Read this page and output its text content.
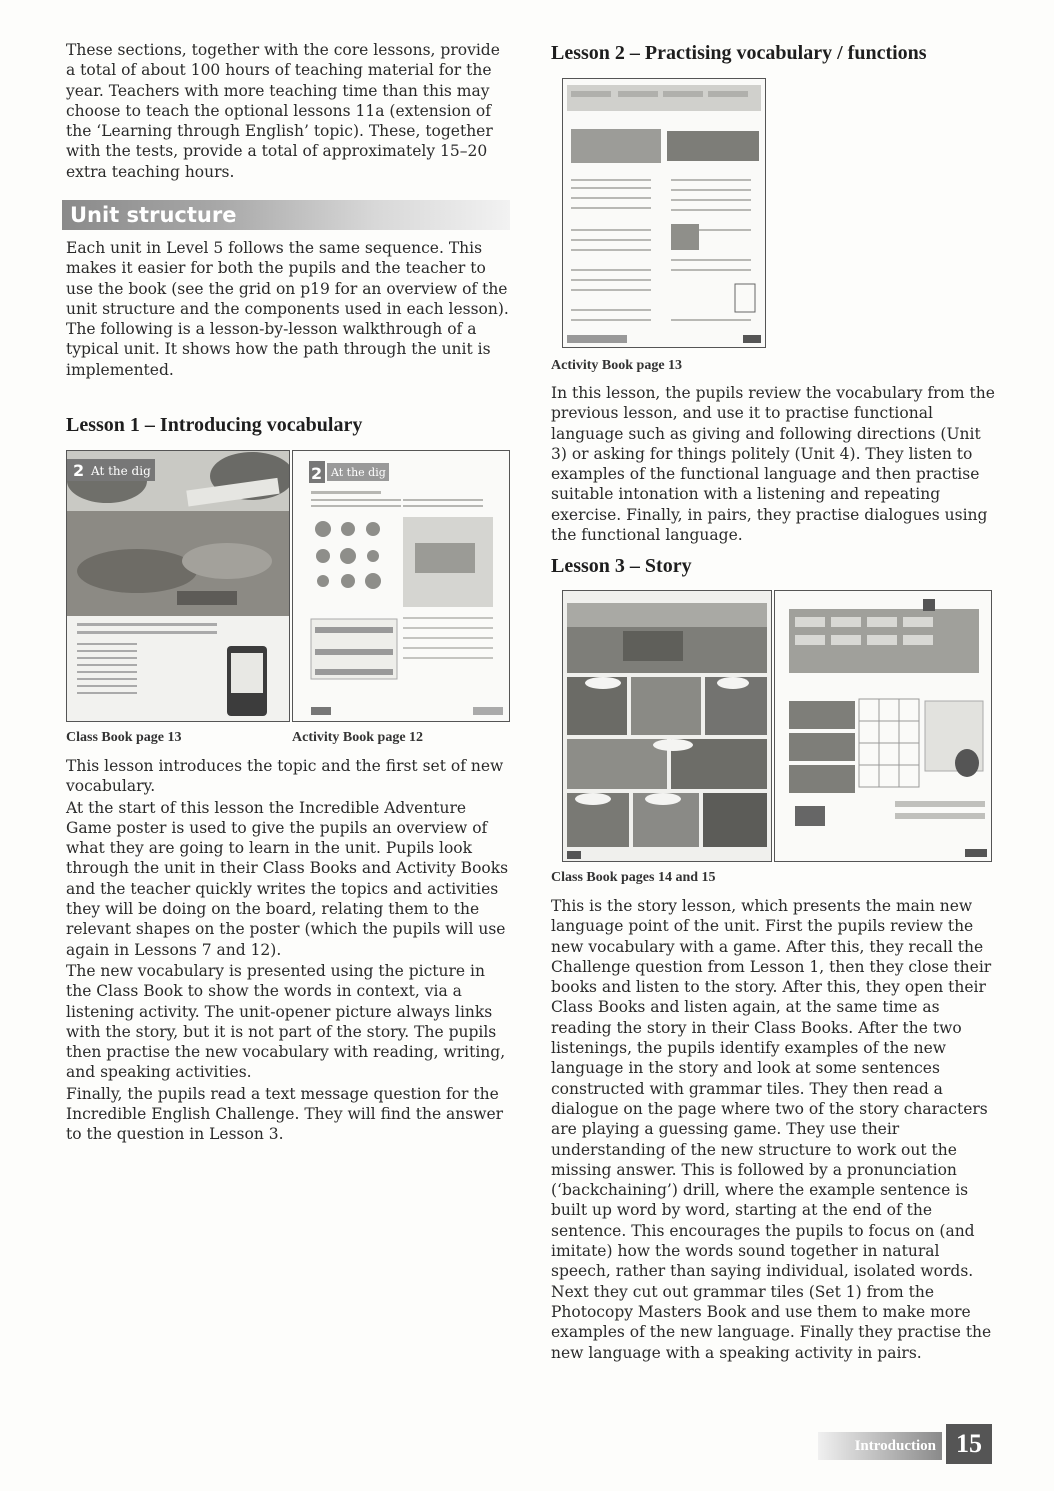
These sections, together with the core lessons, provide a total of about 100 hours of teaching material for the year. Teachers with more teaching time than this may choose to teach the optional lessons 11a (extension of the ‘Learning through English’ topic). These, together with the tests, provide a total of approximately 15–20 extra teaching hours.

Unit structure

Each unit in Level 5 follows the same sequence. This makes it easier for both the pupils and the teacher to use the book (see the grid on p19 for an overview of the unit structure and the components used in each lesson). The following is a lesson-by-lesson walkthrough of a typical unit. It shows how the path through the unit is implemented.

Lesson 1 – Introducing vocabulary
2 At the dig	2 At the dig
Class Book page 13	Activity Book page 12

This lesson introduces the topic and the first set of new vocabulary.

At the start of this lesson the Incredible Adventure Game poster is used to give the pupils an overview of what they are going to learn in the unit. Pupils look through the unit in their Class Books and Activity Books and the teacher quickly writes the topics and activities they will be doing on the board, relating them to the relevant shapes on the poster (which the pupils will use again in Lessons 7 and 12).

The new vocabulary is presented using the picture in the Class Book to show the words in context, via a listening activity. The unit-opener picture always links with the story, but it is not part of the story. The pupils then practise the new vocabulary with reading, writing, and speaking activities.

Finally, the pupils read a text message question for the Incredible English Challenge. They will find the answer to the question in Lesson 3.

Lesson 2 – Practising vocabulary / functions
Activity Book page 13

In this lesson, the pupils review the vocabulary from the previous lesson, and use it to practise functional language such as giving and following directions (Unit 3) or asking for things politely (Unit 4). They listen to examples of the functional language and then practise suitable intonation with a listening and repeating exercise. Finally, in pairs, they practise dialogues using the functional language.

Lesson 3 – Story
Class Book pages 14 and 15

This is the story lesson, which presents the main new language point of the unit. First the pupils review the new vocabulary with a game. After this, they recall the Challenge question from Lesson 1, then they close their books and listen to the story. After this, they open their Class Books and listen again, at the same time as reading the story in their Class Books. After the two listenings, the pupils identify examples of the new language in the story and look at some sentences constructed with grammar tiles. They then read a dialogue on the page where two of the story characters are playing a guessing game. They use their understanding of the new structure to work out the missing answer. This is followed by a pronunciation (‘backchaining’) drill, where the example sentence is built up word by word, starting at the end of the sentence. This encourages the pupils to focus on (and imitate) how the words sound together in natural speech, rather than saying individual, isolated words. Next they cut out grammar tiles (Set 1) from the Photocopy Masters Book and use them to make more examples of the new language. Finally they practise the new language with a speaking activity in pairs.

Introduction 15
